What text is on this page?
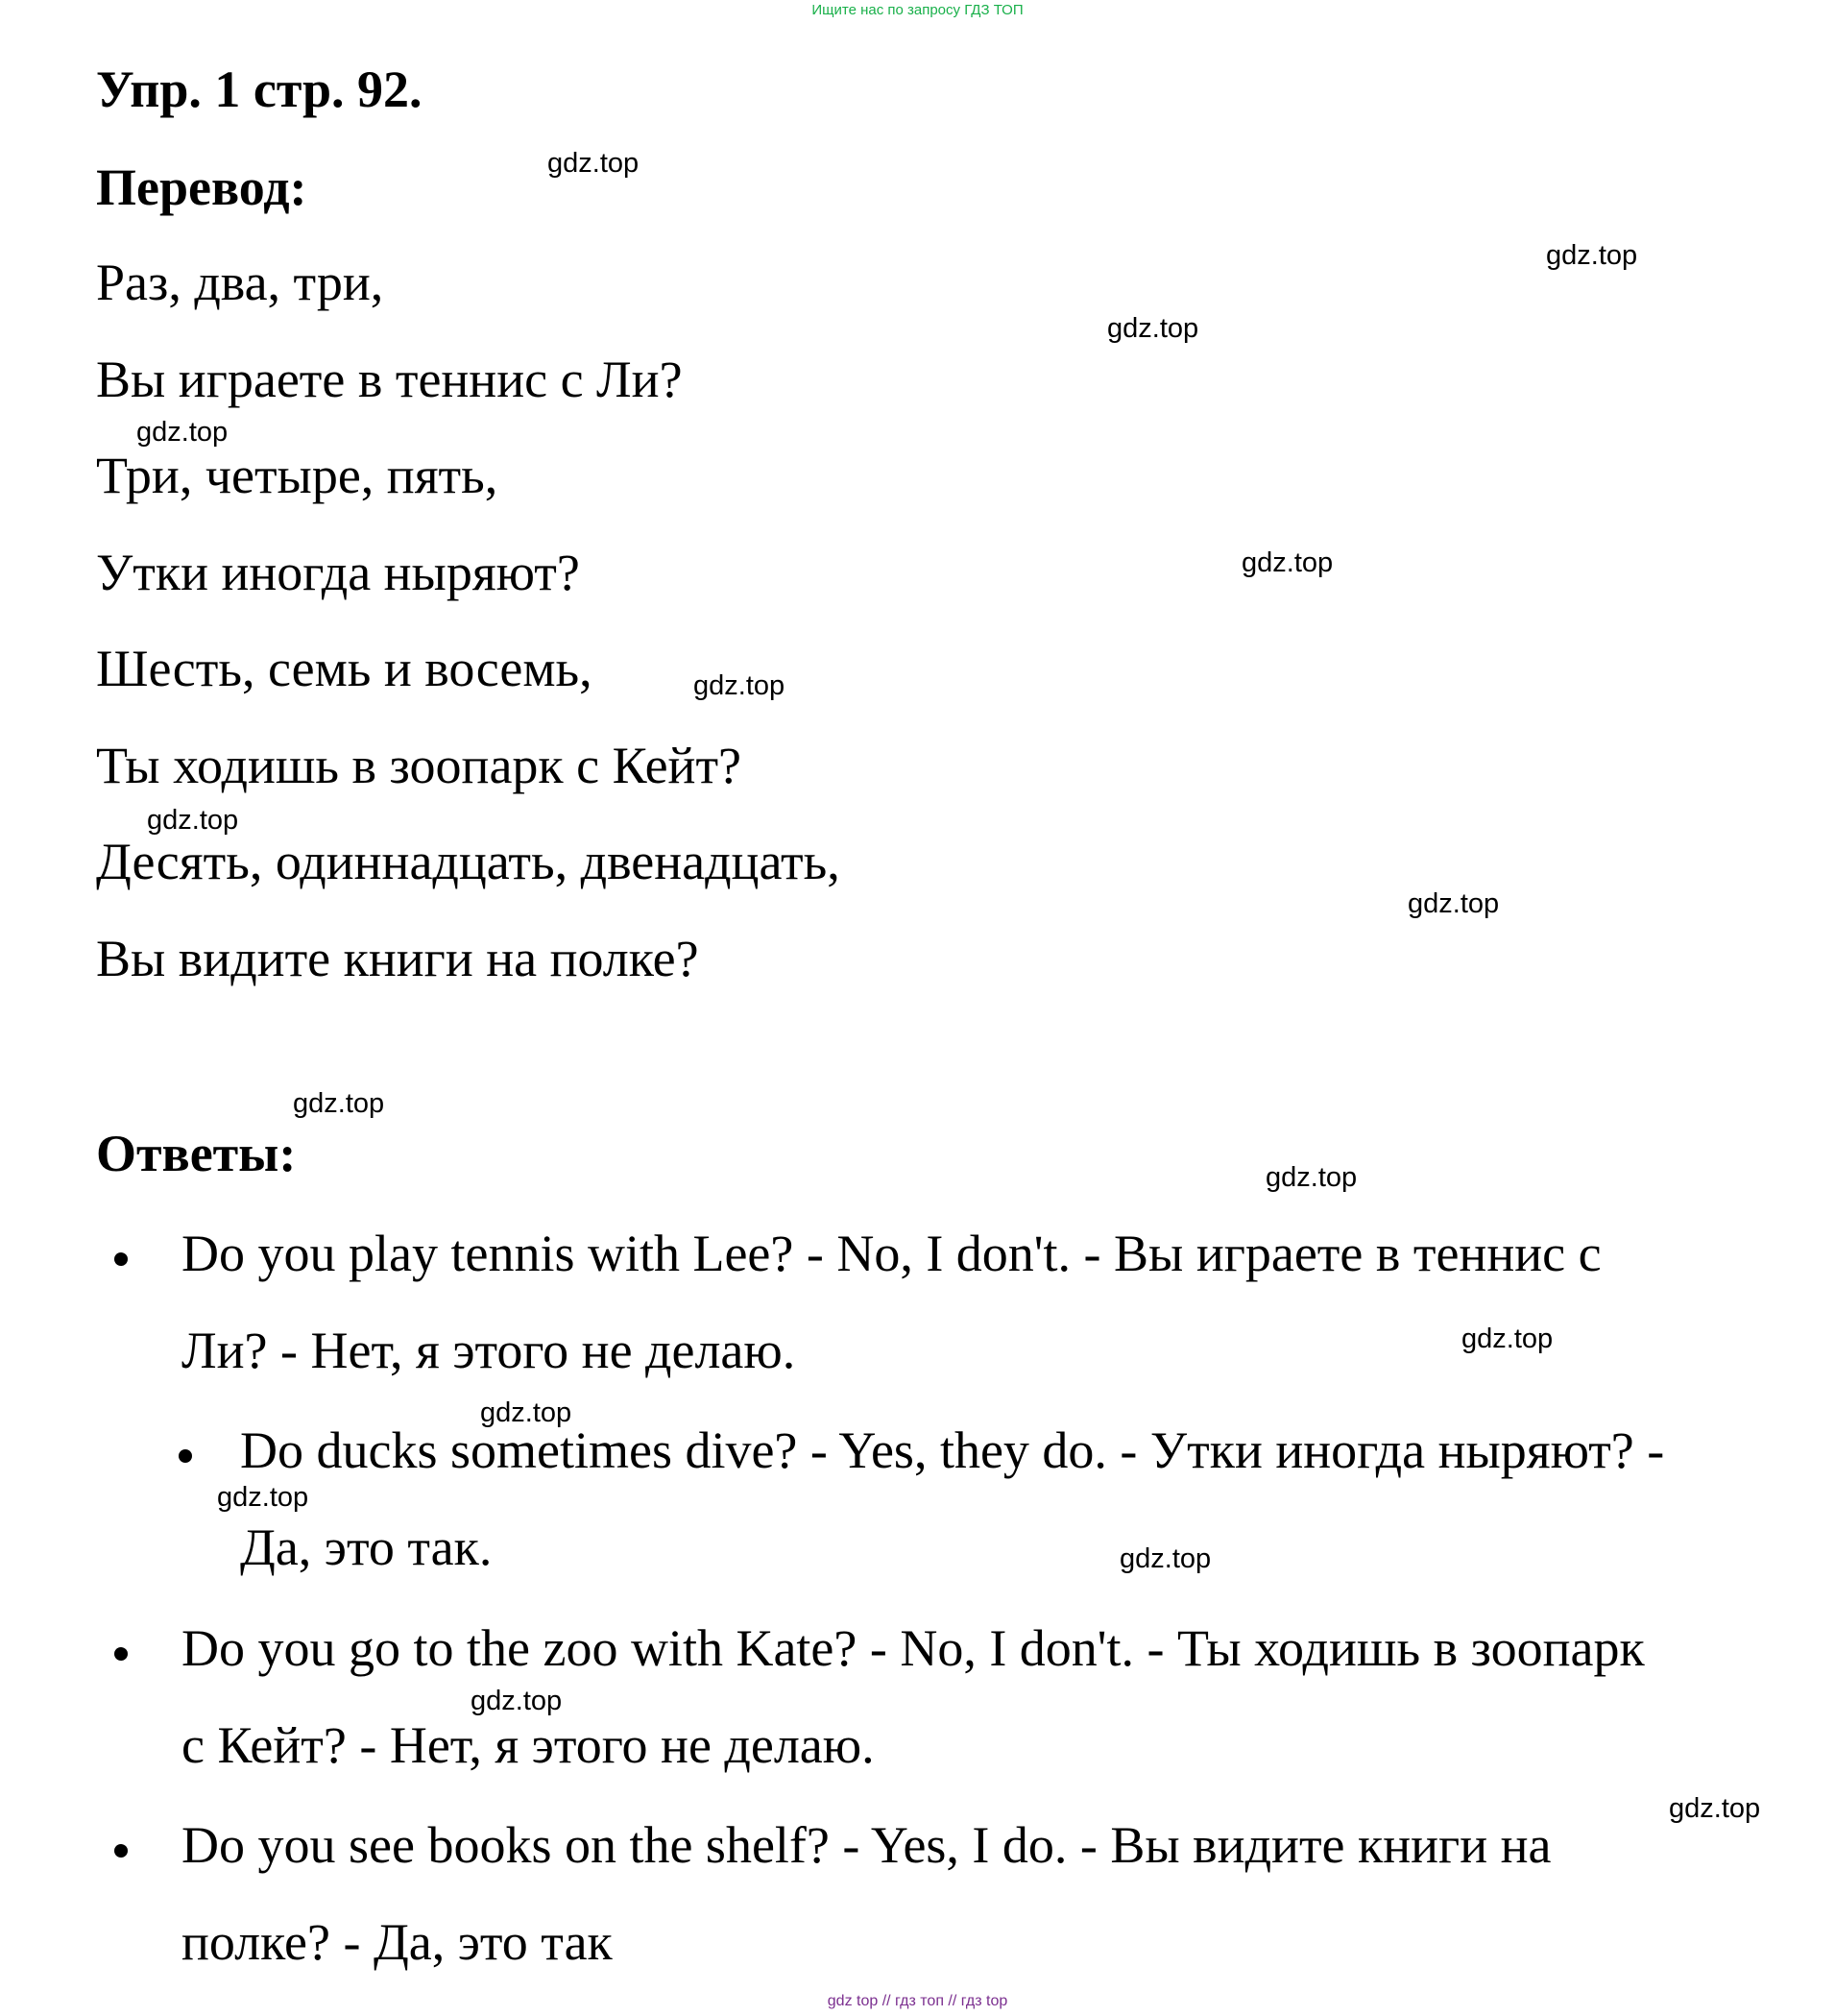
Ищите нас по запросу ГДЗ ТОП
Упр. 1 стр. 92.
Перевод:
Раз, два, три,
Вы играете в теннис с Ли?
Три, четыре, пять,
Утки иногда ныряют?
Шесть, семь и восемь,
Ты ходишь в зоопарк с Кейт?
Десять, одиннадцать, двенадцать,
Вы видите книги на полке?
Ответы:
Do you play tennis with Lee? - No, I don't. - Вы играете в теннис с
Ли? - Нет, я этого не делаю.
Do ducks sometimes dive? - Yes, they do. - Утки иногда ныряют? -
Да, это так.
Do you go to the zoo with Kate? - No, I don't. - Ты ходишь в зоопарк
с Кейт? - Нет, я этого не делаю.
Do you see books on the shelf? - Yes, I do. - Вы видите книги на
полке? - Да, это так
gdz.top
gdz.top
gdz.top
gdz.top
gdz.top
gdz.top
gdz.top
gdz.top
gdz.top
gdz.top
gdz.top
gdz.top
gdz.top
gdz.top
gdz.top
gdz.top
gdz top // гдз топ // гдз top
